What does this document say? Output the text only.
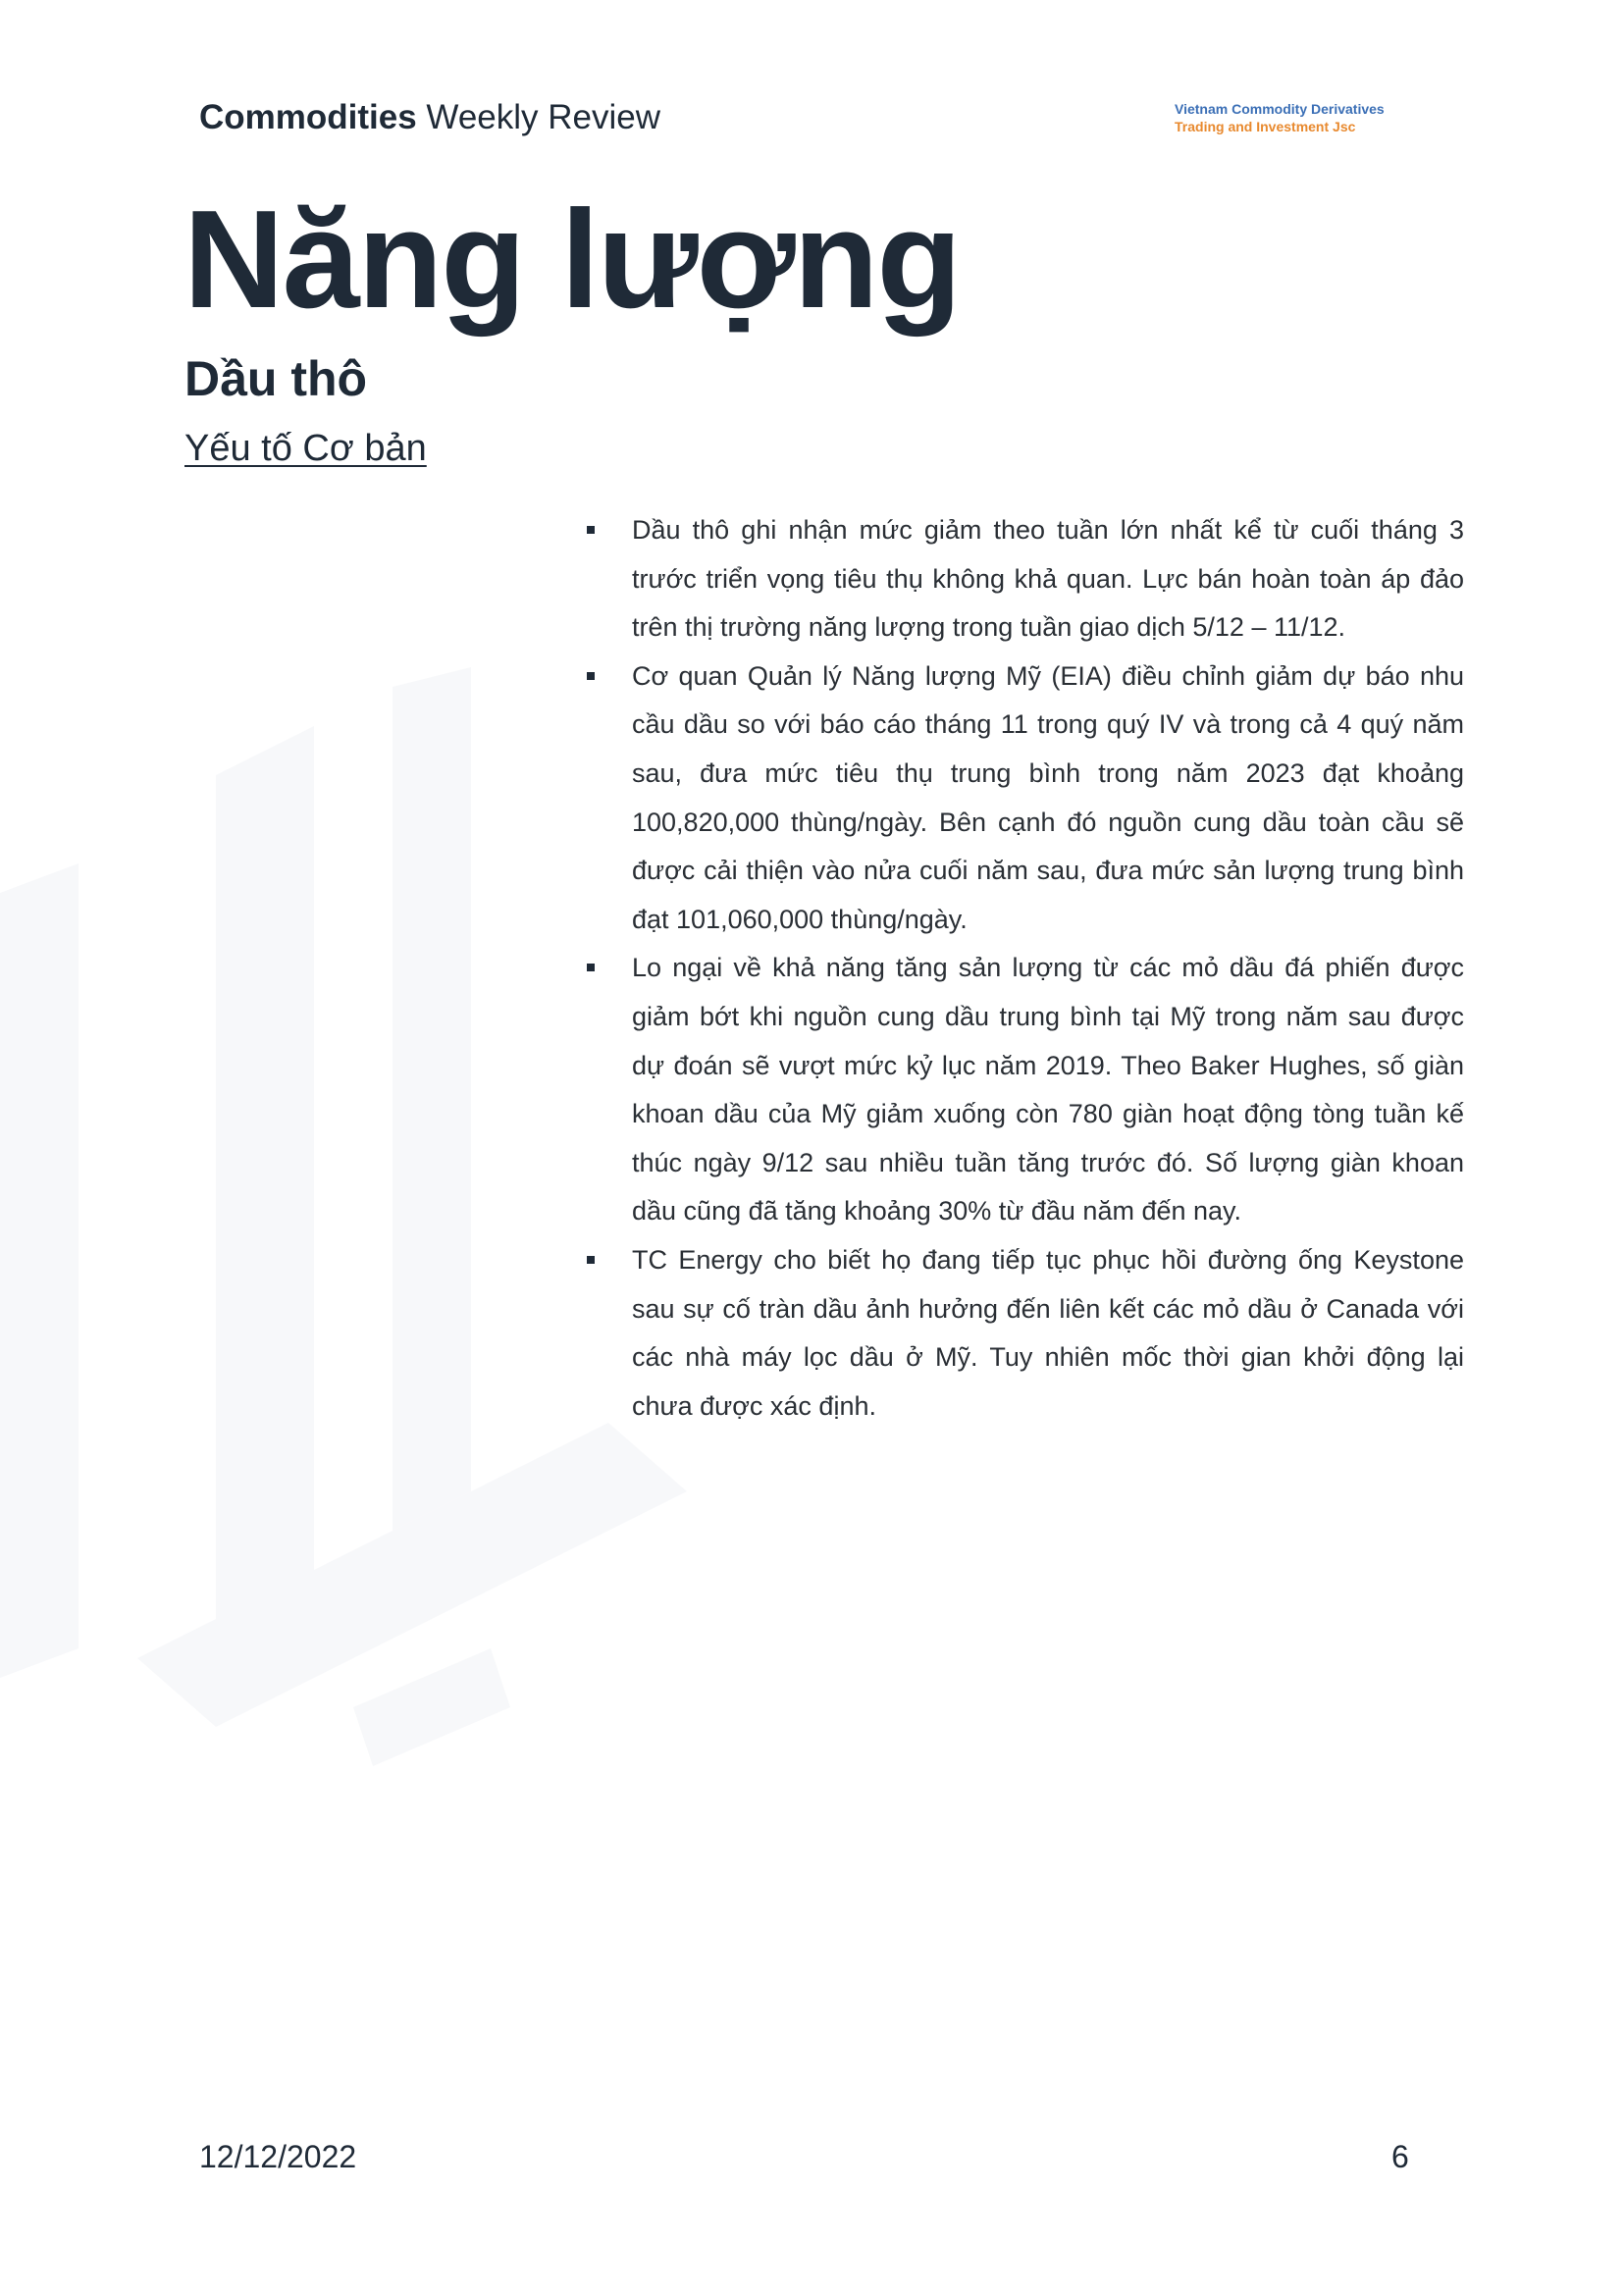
Commodities Weekly Review	Vietnam Commodity Derivatives
Trading and Investment Jsc
Năng lượng
Dầu thô
Yếu tố Cơ bản
Dầu thô ghi nhận mức giảm theo tuần lớn nhất kể từ cuối tháng 3 trước triển vọng tiêu thụ không khả quan. Lực bán hoàn toàn áp đảo trên thị trường năng lượng trong tuần giao dịch 5/12 – 11/12.
Cơ quan Quản lý Năng lượng Mỹ (EIA) điều chỉnh giảm dự báo nhu cầu dầu so với báo cáo tháng 11 trong quý IV và trong cả 4 quý năm sau, đưa mức tiêu thụ trung bình trong năm 2023 đạt khoảng 100,820,000 thùng/ngày. Bên cạnh đó nguồn cung dầu toàn cầu sẽ được cải thiện vào nửa cuối năm sau, đưa mức sản lượng trung bình đạt 101,060,000 thùng/ngày.
Lo ngại về khả năng tăng sản lượng từ các mỏ dầu đá phiến được giảm bớt khi nguồn cung dầu trung bình tại Mỹ trong năm sau được dự đoán sẽ vượt mức kỷ lục năm 2019. Theo Baker Hughes, số giàn khoan dầu của Mỹ giảm xuống còn 780 giàn hoạt động tòng tuần kế thúc ngày 9/12 sau nhiều tuần tăng trước đó. Số lượng giàn khoan dầu cũng đã tăng khoảng 30% từ đầu năm đến nay.
TC Energy cho biết họ đang tiếp tục phục hồi đường ống Keystone sau sự cố tràn dầu ảnh hưởng đến liên kết các mỏ dầu ở Canada với các nhà máy lọc dầu ở Mỹ. Tuy nhiên mốc thời gian khởi động lại chưa được xác định.
12/12/2022	6
